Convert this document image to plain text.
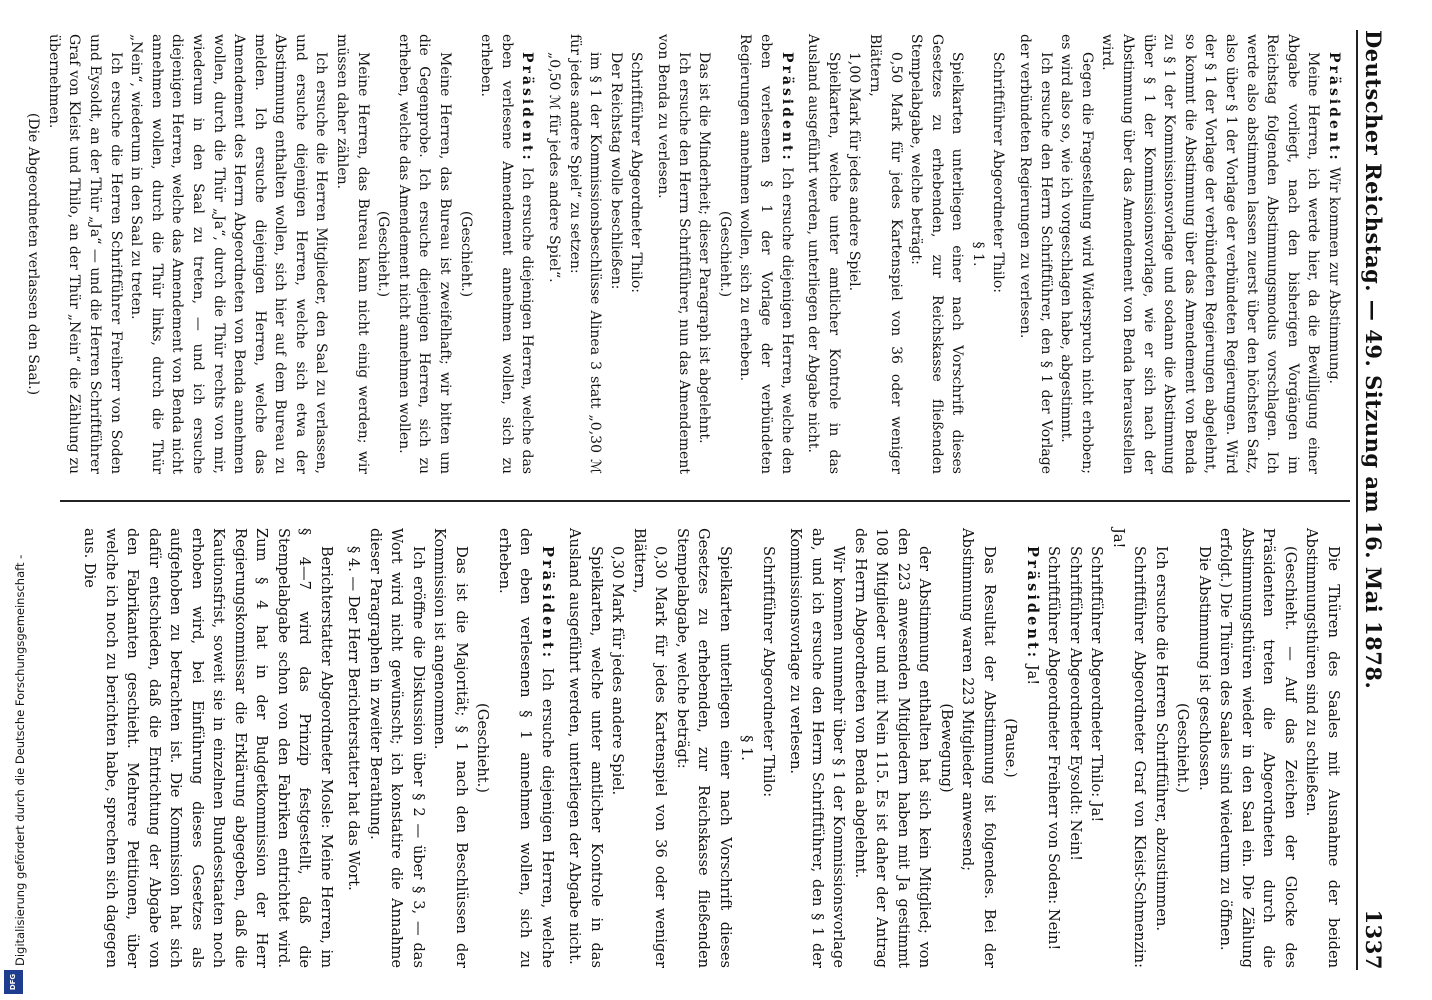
Deutscher Reichstag. — 49. Sitzung am 16. Mai 1878.
1337

Präsident: Wir kommen zur Abstimmung.

Meine Herren, ich werde hier, da die Bewilligung einer Abgabe vorliegt, nach den bisherigen Vorgängen im Reichstag folgenden Abstimmungsmodus vorschlagen. Ich werde also abstimmen lassen zuerst über den höchsten Satz, also über § 1 der Vorlage der verbündeten Regierungen. Wird der § 1 der Vorlage der verbündeten Regierungen abgelehnt, so kommt die Abstimmung über das Amendement von Benda zu § 1 der Kommissionsvorlage und sodann die Abstimmung über § 1 der Kommissionsvorlage, wie er sich nach der Abstimmung über das Amendement von Benda herausstellen wird.

Gegen die Fragestellung wird Widerspruch nicht erhoben; es wird also so, wie ich vorgeschlagen habe, abgestimmt.

Ich ersuche den Herrn Schriftführer, den § 1 der Vorlage der verbündeten Regierungen zu verlesen.

Schriftführer Abgeordneter Thilo:

§ 1.

Spielkarten unterliegen einer nach Vorschrift dieses Gesetzes zu erhebenden, zur Reichskasse fließenden Stempelabgabe, welche beträgt:

0,50 Mark für jedes Kartenspiel von 36 oder weniger Blättern,

1,00 Mark für jedes andere Spiel.

Spielkarten, welche unter amtlicher Kontrole in das Ausland ausgeführt werden, unterliegen der Abgabe nicht.

Präsident: Ich ersuche diejenigen Herren, welche den eben verlesenen § 1 der Vorlage der verbündeten Regierungen annehmen wollen, sich zu erheben.

(Geschieht.)

Das ist die Minderheit; dieser Paragraph ist abgelehnt.

Ich ersuche den Herrn Schriftführer, nun das Amendement von Benda zu verlesen.

Schriftführer Abgeordneter Thilo:

Der Reichstag wolle beschließen:

im § 1 der Kommissionsbeschlüsse Alinea 3 statt „0,30 ℳ für jedes andere Spiel“ zu setzen:

„0,50 ℳ für jedes andere Spiel“.

Präsident: Ich ersuche diejenigen Herren, welche das eben verlesene Amendement annehmen wollen, sich zu erheben.

(Geschieht.)

Meine Herren, das Bureau ist zweifelhaft; wir bitten um die Gegenprobe. Ich ersuche diejenigen Herren, sich zu erheben, welche das Amendement nicht annehmen wollen.

(Geschieht.)

Meine Herren, das Bureau kann nicht einig werden; wir müssen daher zählen.

Ich ersuche die Herren Mitglieder, den Saal zu verlassen, und ersuche diejenigen Herren, welche sich etwa der Abstimmung enthalten wollen, sich hier auf dem Bureau zu melden. Ich ersuche diejenigen Herren, welche das Amendement des Herrn Abgeordneten von Benda annehmen wollen, durch die Thür „Ja“, durch die Thür rechts von mir, wiederum in den Saal zu treten, — und ich ersuche diejenigen Herren, welche das Amendement von Benda nicht annehmen wollen, durch die Thür links, durch die Thür „Nein“, wiederum in den Saal zu treten.

Ich ersuche die Herren Schriftführer Freiherr von Soden und Eysoldt, an der Thür „Ja“ — und die Herren Schriftführer Graf von Kleist und Thilo, an der Thür „Nein“ die Zählung zu übernehmen.

(Die Abgeordneten verlassen den Saal.)

Die Thüren des Saales mit Ausnahme der beiden Abstimmungsthüren sind zu schließen.

(Geschieht. — Auf das Zeichen der Glocke des Präsidenten treten die Abgeordneten durch die Abstimmungsthüren wieder in den Saal ein. Die Zählung erfolgt.) Die Thüren des Saales sind wiederum zu öffnen.

Die Abstimmung ist geschlossen.

(Geschieht.)

Ich ersuche die Herren Schriftführer, abzustimmen.

Schriftführer Abgeordneter Graf von Kleist-Schmenzin: Ja!

Schriftführer Abgeordneter Thilo: Ja!

Schriftführer Abgeordneter Eysoldt: Nein!

Schriftführer Abgeordneter Freiherr von Soden: Nein!

Präsident: Ja!

(Pause.)

Das Resultat der Abstimmung ist folgendes. Bei der Abstimmung waren 223 Mitglieder anwesend;

(Bewegung)

der Abstimmung enthalten hat sich kein Mitglied; von den 223 anwesenden Mitgliedern haben mit Ja gestimmt 108 Mitglieder und mit Nein 115. Es ist daher der Antrag des Herrn Abgeordneten von Benda abgelehnt.

Wir kommen nunmehr über § 1 der Kommissionsvorlage ab, und ich ersuche den Herrn Schriftführer, den § 1 der Kommissionsvorlage zu verlesen.

Schriftführer Abgeordneter Thilo:

§ 1.

Spielkarten unterliegen einer nach Vorschrift dieses Gesetzes zu erhebenden, zur Reichskasse fließenden Stempelabgabe, welche beträgt:

0,30 Mark für jedes Kartenspiel von 36 oder weniger Blättern,

0,30 Mark für jedes andere Spiel.

Spielkarten, welche unter amtlicher Kontrole in das Ausland ausgeführt werden, unterliegen der Abgabe nicht.

Präsident: Ich ersuche diejenigen Herren, welche den eben verlesenen § 1 annehmen wollen, sich zu erheben.

(Geschieht.)

Das ist die Majorität; § 1 nach den Beschlüssen der Kommission ist angenommen.

Ich eröffne die Diskussion über § 2 — über § 3, — das Wort wird nicht gewünscht; ich konstatire die Annahme dieser Paragraphen in zweiter Berathung.

§ 4. — Der Herr Berichterstatter hat das Wort.

Berichterstatter Abgeordneter Mosle: Meine Herren, im § 4—7 wird das Prinzip festgestellt, daß die Stempelabgabe schon von den Fabriken entrichtet wird. Zum § 4 hat in der Budgetkommission der Herr Regierungskommissar die Erklärung abgegeben, daß die Kautionsfrist, soweit sie in einzelnen Bundesstaaten noch erhoben wird, bei Einführung dieses Gesetzes als aufgehoben zu betrachten ist. Die Kommission hat sich dafür entschieden, daß die Entrichtung der Abgabe von den Fabrikanten geschieht. Mehrere Petitionen, über welche ich noch zu berichten habe, sprechen sich dagegen aus. Die

Digitalisierung gefördert durch die Deutsche Forschungsgemeinschaft -
DFG
